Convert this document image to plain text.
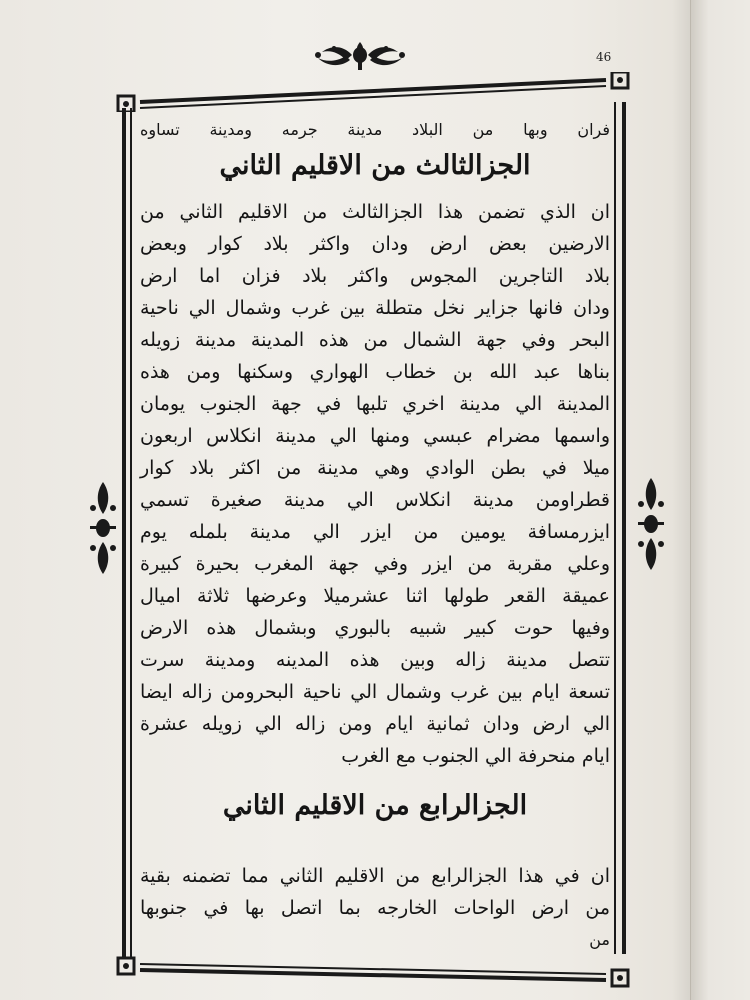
46
فران وبها من البلاد مدينة جرمه ومدينة تساوه
الجزالثالث من الاقليم الثاني
ان الذي تضمن هذا الجزالثالث من الاقليم الثاني من
الارضين بعض ارض ودان واكثر بلاد كوار وبعض
بلاد التاجرين المجوس واكثر بلاد فزان اما ارض
ودان فانها جزاير نخل متطلة بين غرب وشمال الي ناحية
البحر وفي جهة الشمال من هذه المدينة مدينة زويله
بناها عبد الله بن خطاب الهواري وسكنها ومن هذه
المدينة الي مدينة اخري تلبها في جهة الجنوب يومان
واسمها مضرام عبسي ومنها الي مدينة انكلاس اربعون
ميلا في بطن الوادي وهي مدينة من اكثر بلاد كوار
قطراومن مدينة انكلاس الي مدينة صغيرة تسمي
ايزرمسافة يومين من ايزر الي مدينة بلمله يوم
وعلي مقربة من ايزر وفي جهة المغرب بحيرة كبيرة
عميقة القعر طولها اثنا عشرميلا وعرضها ثلاثة اميال
وفيها حوت كبير شبيه بالبوري وبشمال هذه الارض
تتصل مدينة زاله وبين هذه المدينه ومدينة سرت
تسعة ايام بين غرب وشمال الي ناحية البحرومن زاله ايضا
الي ارض ودان ثمانية ايام ومن زاله الي زويله عشرة
ايام منحرفة الي الجنوب مع الغرب
الجزالرابع من الاقليم الثاني
ان في هذا الجزالرابع من الاقليم الثاني مما تضمنه بقية
من ارض الواحات الخارجه بما اتصل بها في جنوبها
من
